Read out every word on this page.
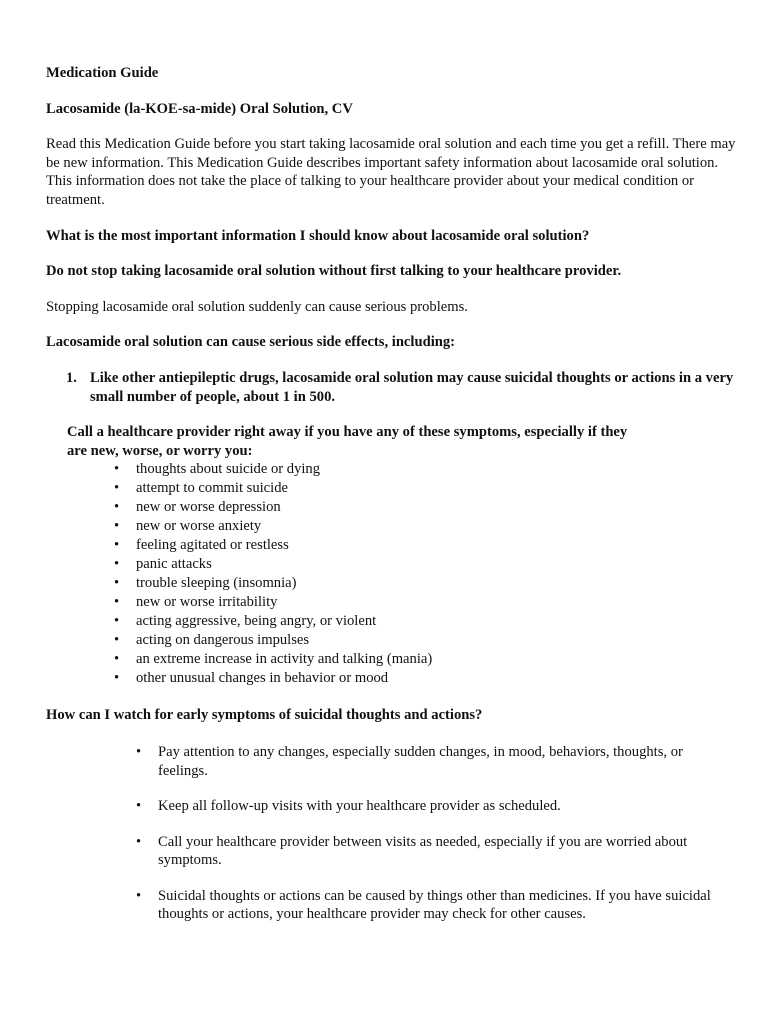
Medication Guide

Lacosamide (la-KOE-sa-mide) Oral Solution, CV

Read this Medication Guide before you start taking lacosamide oral solution and each time you get a refill. There may be new information. This Medication Guide describes important safety information about lacosamide oral solution. This information does not take the place of talking to your healthcare provider about your medical condition or treatment.

What is the most important information I should know about lacosamide oral solution?

Do not stop taking lacosamide oral solution without first talking to your healthcare provider.

Stopping lacosamide oral solution suddenly can cause serious problems.

Lacosamide oral solution can cause serious side effects, including:

1. Like other antiepileptic drugs, lacosamide oral solution may cause suicidal thoughts or actions in a very small number of people, about 1 in 500.

Call a healthcare provider right away if you have any of these symptoms, especially if they are new, worse, or worry you:

• thoughts about suicide or dying
• attempt to commit suicide
• new or worse depression
• new or worse anxiety
• feeling agitated or restless
• panic attacks
• trouble sleeping (insomnia)
• new or worse irritability
• acting aggressive, being angry, or violent
• acting on dangerous impulses
• an extreme increase in activity and talking (mania)
• other unusual changes in behavior or mood

How can I watch for early symptoms of suicidal thoughts and actions?

• Pay attention to any changes, especially sudden changes, in mood, behaviors, thoughts, or feelings.
• Keep all follow-up visits with your healthcare provider as scheduled.
• Call your healthcare provider between visits as needed, especially if you are worried about symptoms.
• Suicidal thoughts or actions can be caused by things other than medicines. If you have suicidal thoughts or actions, your healthcare provider may check for other causes.
